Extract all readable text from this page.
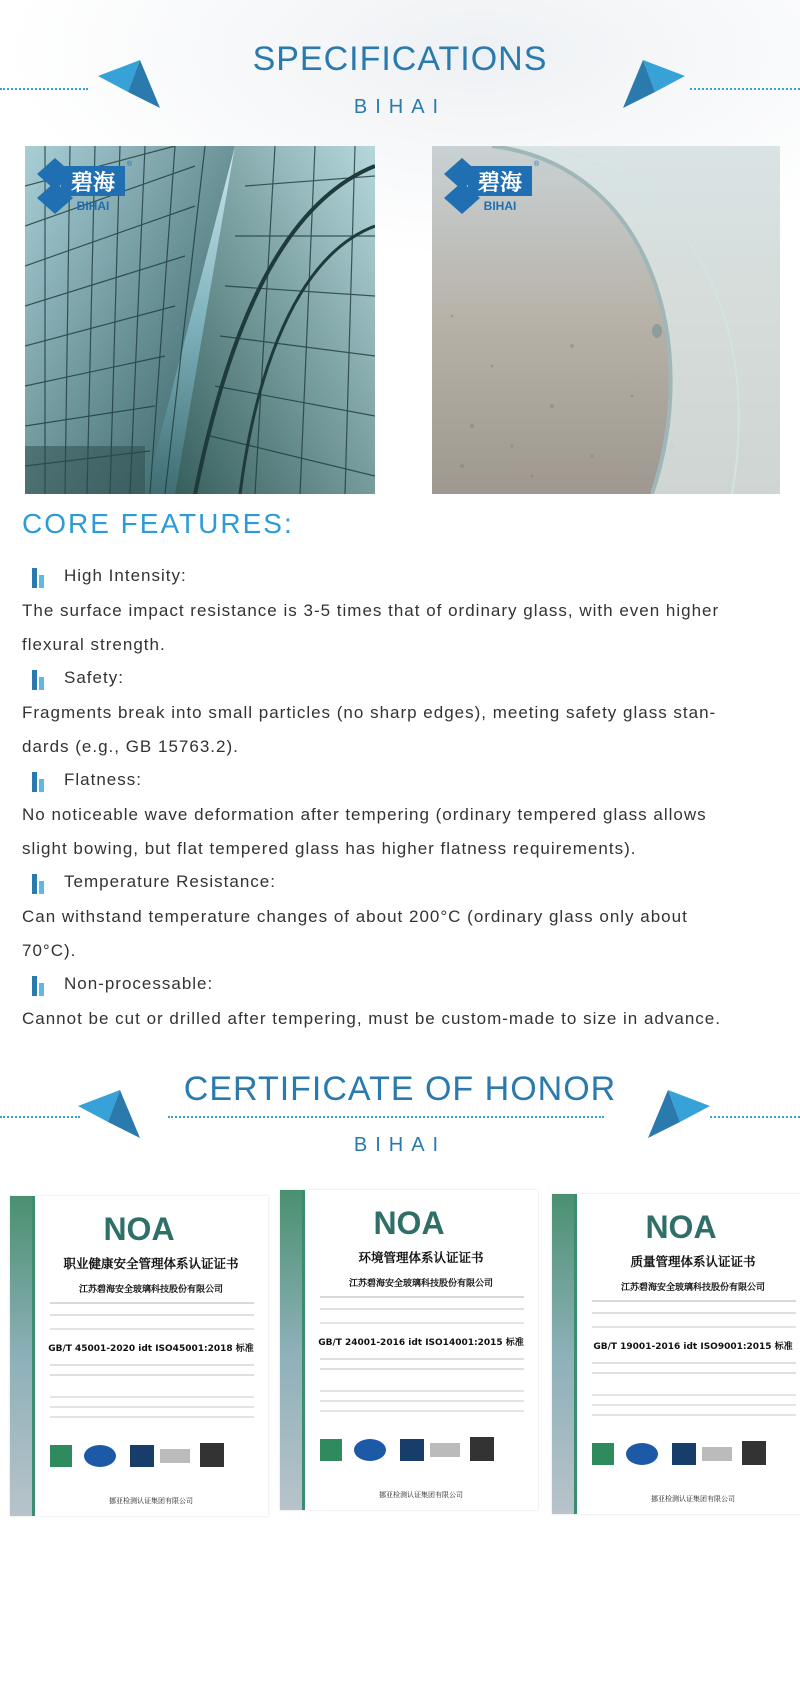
SPECIFICATIONS
BIHAI
碧海
BIHAI
®
碧海
BIHAI
®
CORE FEATURES:
High Intensity:

The surface impact resistance is 3-5 times that of ordinary glass, with even higher
flexural strength.

Safety:

Fragments break into small particles (no sharp edges), meeting safety glass stan-
dards (e.g., GB 15763.2).

Flatness:

No noticeable wave deformation after tempering (ordinary tempered glass allows
slight bowing, but flat tempered glass has higher flatness requirements).

Temperature Resistance:

Can withstand temperature changes of about 200°C (ordinary glass only about
70°C).

Non-processable:

Cannot be cut or drilled after tempering, must be custom-made to size in advance.

CERTIFICATE OF HONOR
BIHAI
NOA
职业健康安全管理体系认证证书
江苏碧海安全玻璃科技股份有限公司
GB/T 45001-2020 idt ISO45001:2018 标准
挪亚检测认证集团有限公司
NOA
环境管理体系认证证书
江苏碧海安全玻璃科技股份有限公司
GB/T 24001-2016 idt ISO14001:2015 标准
挪亚检测认证集团有限公司
NOA
质量管理体系认证证书
江苏碧海安全玻璃科技股份有限公司
GB/T 19001-2016 idt ISO9001:2015 标准
挪亚检测认证集团有限公司
